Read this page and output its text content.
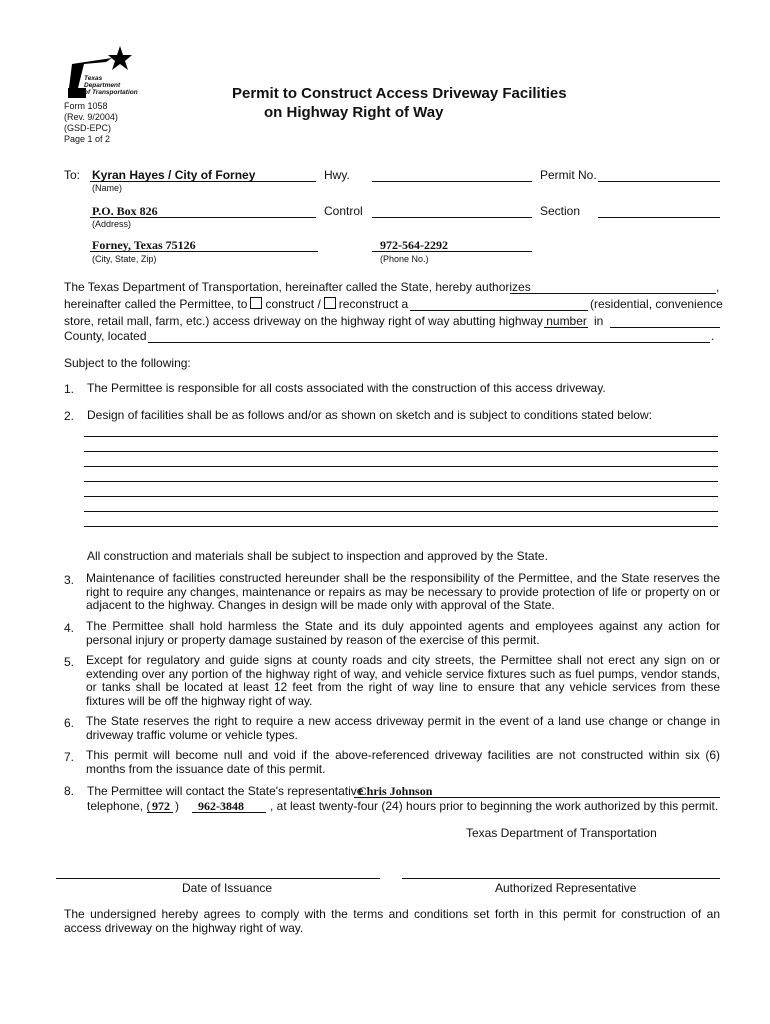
Texas
Department
of Transportation
Form 1058
(Rev. 9/2004)
(GSD-EPC)
Page 1 of 2
Permit to Construct Access Driveway Facilities
on Highway Right of Way
To: Kyran Hayes / City of Forney
(Name)
P.O. Box 826
(Address)
Forney, Texas 75126
(City, State, Zip)
972-564-2292
(Phone No.)
Hwy.
Control
Permit No.
Section
The Texas Department of Transportation, hereinafter called the State, hereby authorizes	,
hereinafter called the Permittee, to construct / reconstruct a	(residential, convenience
store, retail mall, farm, etc.) access driveway on the highway right of way abutting highway number in
County, located	.
Subject to the following:
1. The Permittee is responsible for all costs associated with the construction of this access driveway.
2. Design of facilities shall be as follows and/or as shown on sketch and is subject to conditions stated below:
All construction and materials shall be subject to inspection and approved by the State.
3. Maintenance of facilities constructed hereunder shall be the responsibility of the Permittee, and the State reserves the right to require any changes, maintenance or repairs as may be necessary to provide protection of life or property on or adjacent to the highway. Changes in design will be made only with approval of the State.
4. The Permittee shall hold harmless the State and its duly appointed agents and employees against any action for personal injury or property damage sustained by reason of the exercise of this permit.
5. Except for regulatory and guide signs at county roads and city streets, the Permittee shall not erect any sign on or extending over any portion of the highway right of way, and vehicle service fixtures such as fuel pumps, vendor stands, or tanks shall be located at least 12 feet from the right of way line to ensure that any vehicle services from these fixtures will be off the highway right of way.
6. The State reserves the right to require a new access driveway permit in the event of a land use change or change in driveway traffic volume or vehicle types.
7. This permit will become null and void if the above-referenced driveway facilities are not constructed within six (6) months from the issuance date of this permit.
8. The Permittee will contact the State's representative
Chris Johnson
telephone, ( 972 ) 962-3848 , at least twenty-four (24) hours prior to beginning the work authorized by this permit.
Texas Department of Transportation
Date of Issuance	Authorized Representative
The undersigned hereby agrees to comply with the terms and conditions set forth in this permit for construction of an access driveway on the highway right of way.
